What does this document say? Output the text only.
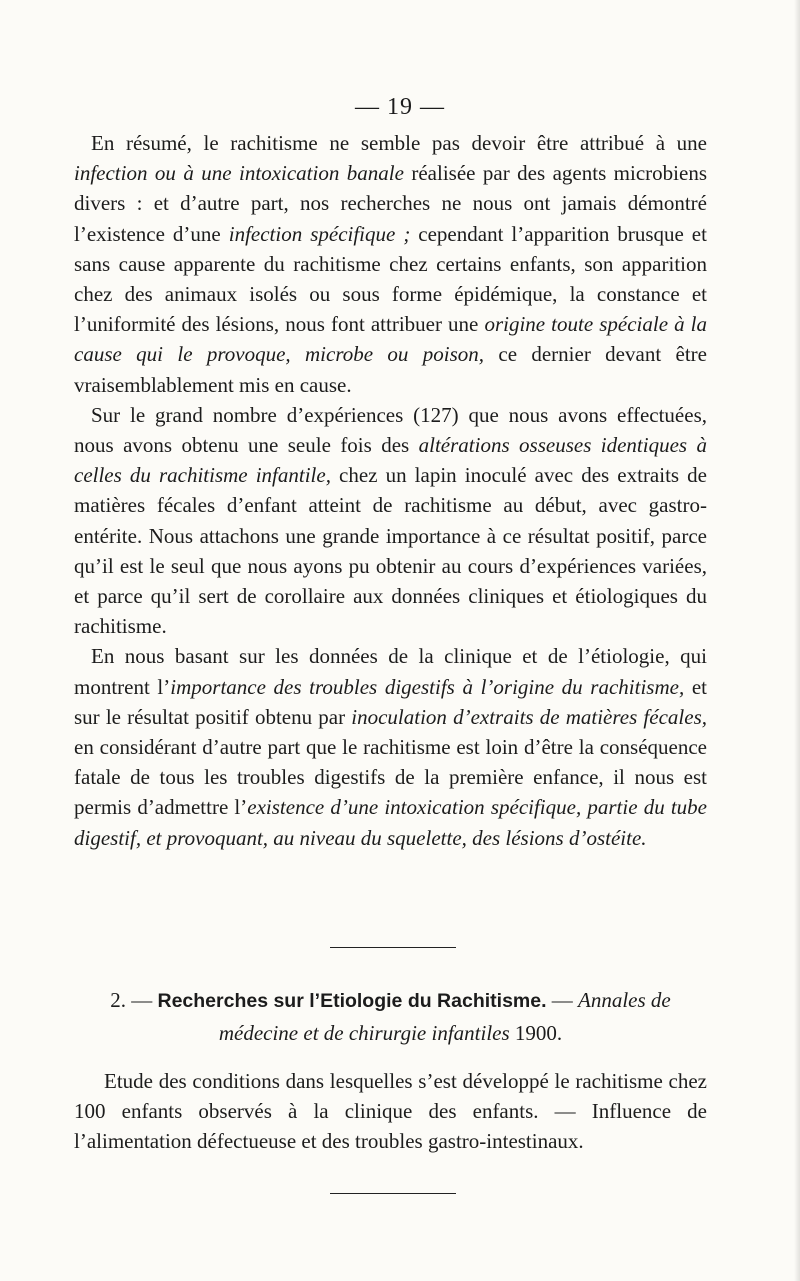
— 19 —

En résumé, le rachitisme ne semble pas devoir être attribué à une infection ou à une intoxication banale réalisée par des agents microbiens divers : et d’autre part, nos recherches ne nous ont jamais démontré l’existence d’une infection spécifique ; cependant l’apparition brusque et sans cause apparente du rachitisme chez certains enfants, son apparition chez des animaux isolés ou sous forme épidémique, la constance et l’uniformité des lésions, nous font attribuer une origine toute spéciale à la cause qui le provoque, microbe ou poison, ce dernier devant être vraisemblablement mis en cause.

Sur le grand nombre d’expériences (127) que nous avons effectuées, nous avons obtenu une seule fois des altérations osseuses identiques à celles du rachitisme infantile, chez un lapin inoculé avec des extraits de matières fécales d’enfant atteint de rachitisme au début, avec gastro-entérite. Nous attachons une grande importance à ce résultat positif, parce qu’il est le seul que nous ayons pu obtenir au cours d’expériences variées, et parce qu’il sert de corollaire aux données cliniques et étiologiques du rachitisme.

En nous basant sur les données de la clinique et de l’étiologie, qui montrent l’importance des troubles digestifs à l’origine du rachitisme, et sur le résultat positif obtenu par inoculation d’extraits de matières fécales, en considérant d’autre part que le rachitisme est loin d’être la conséquence fatale de tous les troubles digestifs de la première enfance, il nous est permis d’admettre l’existence d’une intoxication spécifique, partie du tube digestif, et provoquant, au niveau du squelette, des lésions d’ostéite.

2. — Recherches sur l’Etiologie du Rachitisme. — Annales de médecine et de chirurgie infantiles 1900.

Etude des conditions dans lesquelles s’est développé le rachitisme chez 100 enfants observés à la clinique des enfants. — Influence de l’alimentation défectueuse et des troubles gastro-intestinaux.
